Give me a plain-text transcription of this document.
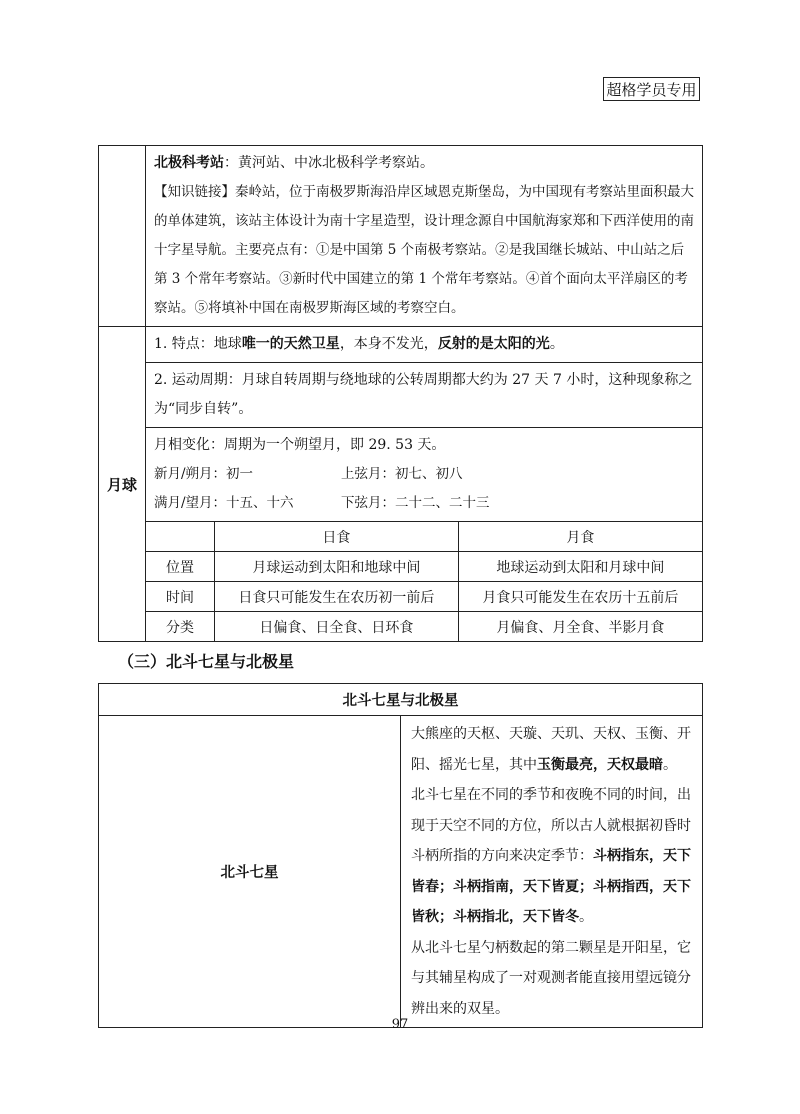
超格学员专用

北极科考站：黄河站、中冰北极科学考察站。

【知识链接】秦岭站，位于南极罗斯海沿岸区域恩克斯堡岛，为中国现有考察站里面积最大的单体建筑，该站主体设计为南十字星造型，设计理念源自中国航海家郑和下西洋使用的南十字星导航。主要亮点有：①是中国第 5 个南极考察站。②是我国继长城站、中山站之后第 3 个常年考察站。③新时代中国建立的第 1 个常年考察站。④首个面向太平洋扇区的考察站。⑤将填补中国在南极罗斯海区域的考察空白。

月球	1. 特点：地球唯一的天然卫星，本身不发光，反射的是太阳的光。
2. 运动周期：月球自转周期与绕地球的公转周期都大约为 27 天 7 小时，这种现象称之为“同步自转”。

月相变化：周期为一个朔望月，即 29. 53 天。

新月/朔月：初一	上弦月：初七、初八

满月/望月：十五、十六	下弦月：二十二、二十三

	日食	月食
位置	月球运动到太阳和地球中间	地球运动到太阳和月球中间
时间	日食只可能发生在农历初一前后	月食只可能发生在农历十五前后
分类	日偏食、日全食、日环食	月偏食、月全食、半影月食
（三）北斗七星与北极星
北斗七星与北极星
北斗七星	

大熊座的天枢、天璇、天玑、天权、玉衡、开阳、摇光七星，其中玉衡最亮，天权最暗。

北斗七星在不同的季节和夜晚不同的时间，出现于天空不同的方位，所以古人就根据初昏时斗柄所指的方向来决定季节：斗柄指东，天下皆春；斗柄指南，天下皆夏；斗柄指西，天下皆秋；斗柄指北，天下皆冬。

从北斗七星勺柄数起的第二颗星是开阳星，它与其辅星构成了一对观测者能直接用望远镜分辨出来的双星。

97
